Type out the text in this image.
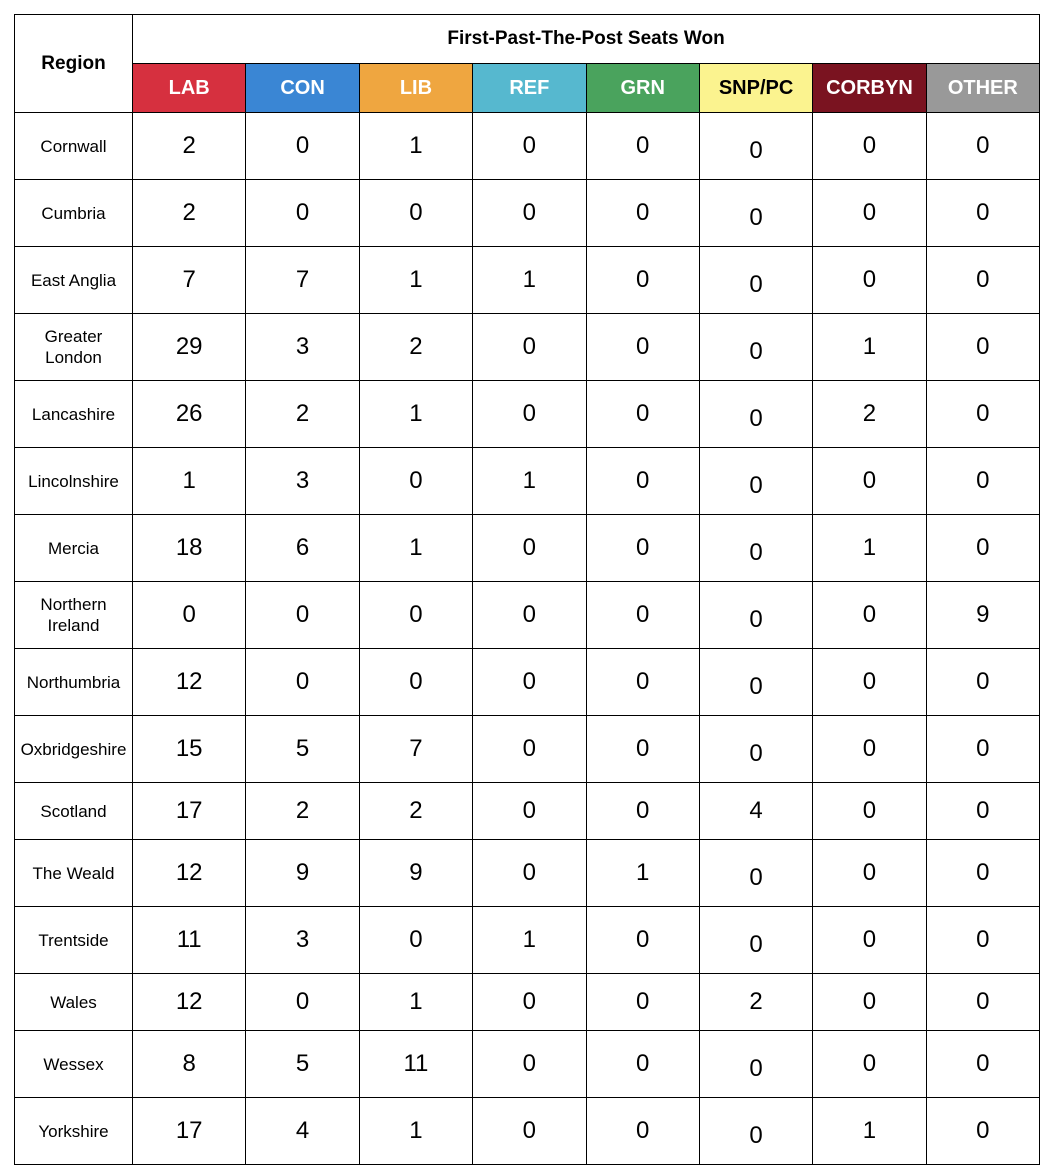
Region	First-Past-The-Post Seats Won							
	LAB	CON	LIB	REF	GRN	SNP/PC	CORBYN	OTHER
Cornwall	2	0	1	0	0	0	0	0
Cumbria	2	0	0	0	0	0	0	0
East Anglia	7	7	1	1	0	0	0	0
Greater
London	29	3	2	0	0	0	1	0
Lancashire	26	2	1	0	0	0	2	0
Lincolnshire	1	3	0	1	0	0	0	0
Mercia	18	6	1	0	0	0	1	0
Northern
Ireland	0	0	0	0	0	0	0	9
Northumbria	12	0	0	0	0	0	0	0
Oxbridgeshire	15	5	7	0	0	0	0	0
Scotland	17	2	2	0	0	4	0	0
The Weald	12	9	9	0	1	0	0	0
Trentside	11	3	0	1	0	0	0	0
Wales	12	0	1	0	0	2	0	0
Wessex	8	5	11	0	0	0	0	0
Yorkshire	17	4	1	0	0	0	1	0
